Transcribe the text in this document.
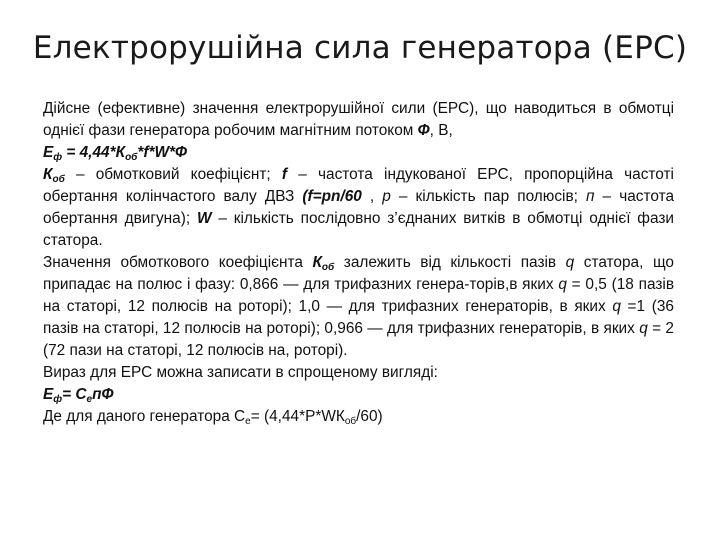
Електрорушійна сила генератора (ЕРС)

Дійсне (ефективне) значення електрорушійної сили (ЕРС), що наводиться в обмотці однієї фази генератора робочим магнітним потоком Ф, В,

$Е_ф = 4,44*К_{об}*f*W*Ф$

$К_{об}$ – обмотковий коефіцієнт; f – частота індукованої ЕРС, пропорційна частоті обертання колінчастого валу ДВЗ (f=pn/60 , р – кількість пар полюсів; п – частота обертання двигуна); W – кількість послідовно з’єднаних витків в обмотці однієї фази статора.

Значення обмоткового коефіцієнта $К_{об}$ залежить від кількості пазів q статора, що припадає на полюс і фазу: 0,866 — для трифазних генера-торів,в яких q = 0,5 (18 пазів на статорі, 12 полюсів на роторі); 1,0 — для трифазних генераторів, в яких q =1 (36 пазів на статорі, 12 полюсів на роторі); 0,966 — для трифазних генераторів, в яких q = 2 (72 пази на статорі, 12 полюсів на, роторі).

Вираз для ЕРС можна записати в спрощеному вигляді:

$Е_ф= С_епФ$

Де для даного генератора $С_е= (4,44*Р*WК_{об}/60)$
